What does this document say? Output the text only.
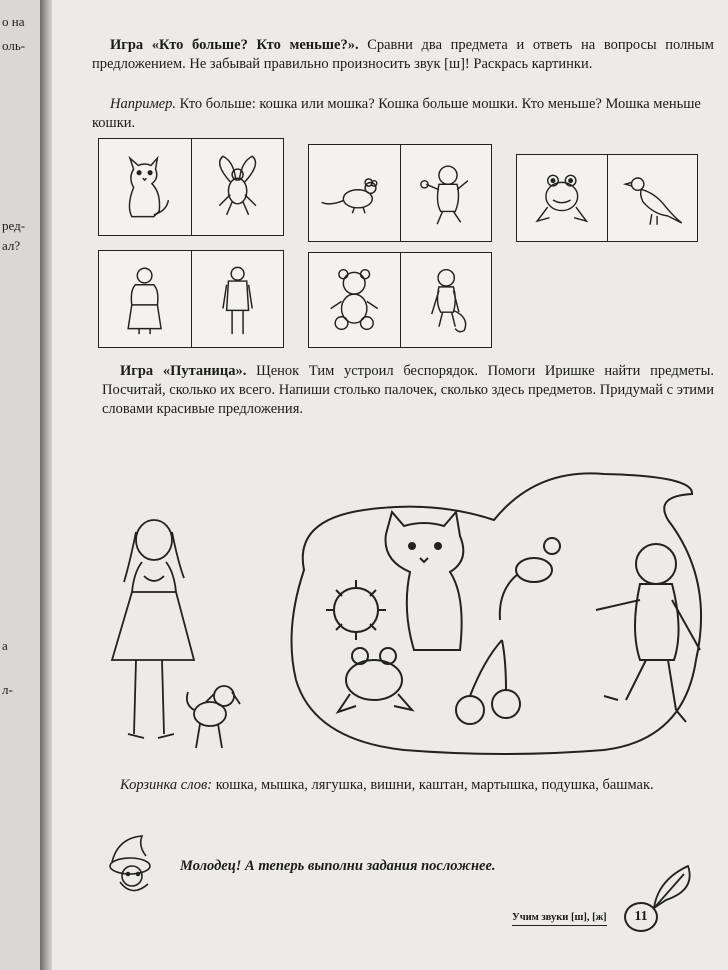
о на
оль-
ред-
ал?
а
л-
Игра «Кто больше? Кто меньше?». Сравни два предмета и ответь на вопросы полным предложением. Не забывай правильно произносить звук [ш]! Раскрась картинки.
Например. Кто больше: кошка или мошка? Кошка больше мошки. Кто меньше? Мошка меньше кошки.
Игра «Путаница». Щенок Тим устроил беспорядок. Помоги Иришке найти предметы. Посчитай, сколько их всего. Напиши столько палочек, сколько здесь предметов. Придумай с этими словами красивые предложения.
Корзинка слов: кошка, мышка, лягушка, вишни, каштан, мартышка, подушка, башмак.
Молодец! А теперь выполни задания посложнее.
Учим звуки [ш], [ж]	11
